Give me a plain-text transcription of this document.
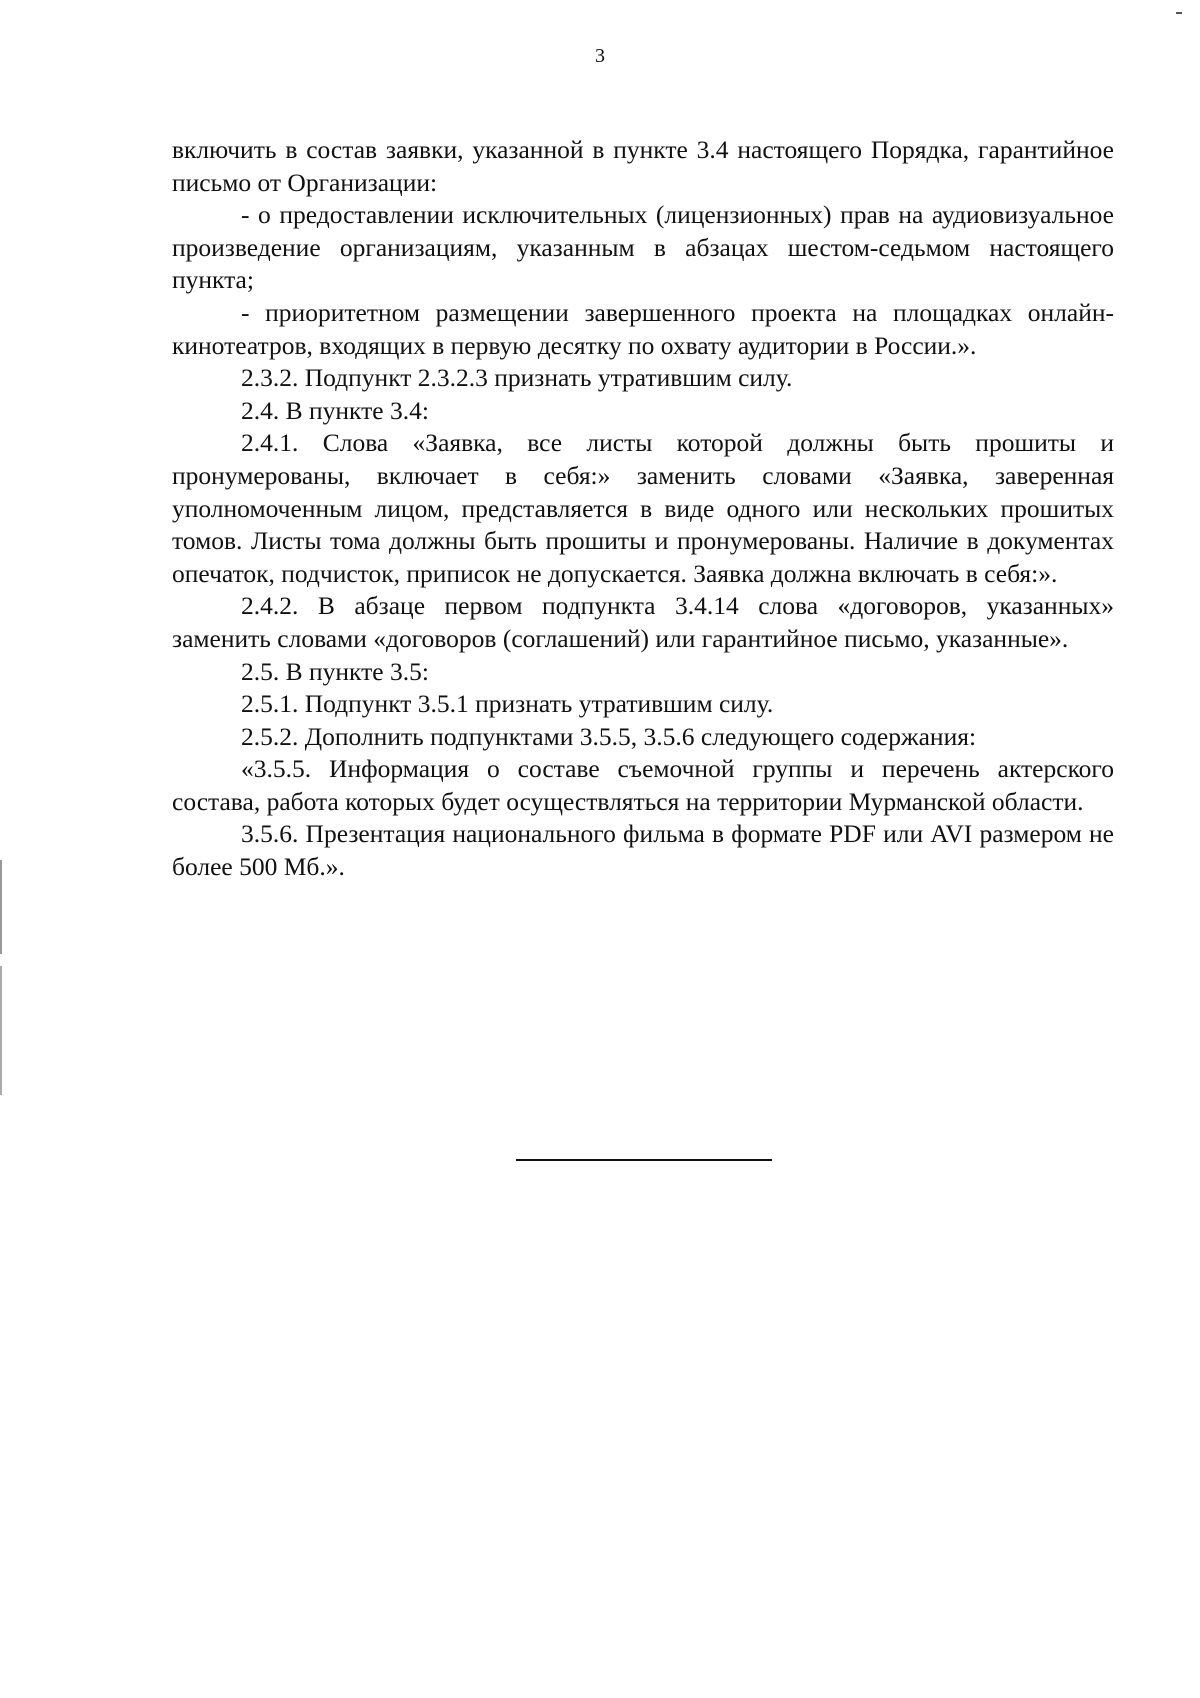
3

включить в состав заявки, указанной в пункте 3.4 настоящего Порядка, гарантийное письмо от Организации:

- о предоставлении исключительных (лицензионных) прав на аудиовизуальное произведение организациям, указанным в абзацах шестом-седьмом настоящего пункта;

- приоритетном размещении завершенного проекта на площадках онлайн-кинотеатров, входящих в первую десятку по охвату аудитории в России.».

2.3.2. Подпункт 2.3.2.3 признать утратившим силу.

2.4. В пункте 3.4:

2.4.1. Слова «Заявка, все листы которой должны быть прошиты и пронумерованы, включает в себя:» заменить словами «Заявка, заверенная уполномоченным лицом, представляется в виде одного или нескольких прошитых томов. Листы тома должны быть прошиты и пронумерованы. Наличие в документах опечаток, подчисток, приписок не допускается. Заявка должна включать в себя:».

2.4.2. В абзаце первом подпункта 3.4.14 слова «договоров, указанных» заменить словами «договоров (соглашений) или гарантийное письмо, указанные».

2.5. В пункте 3.5:

2.5.1. Подпункт 3.5.1 признать утратившим силу.

2.5.2. Дополнить подпунктами 3.5.5, 3.5.6 следующего содержания:

«3.5.5. Информация о составе съемочной группы и перечень актерского состава, работа которых будет осуществляться на территории Мурманской области.

3.5.6. Презентация национального фильма в формате PDF или AVI размером не более 500 Мб.».
